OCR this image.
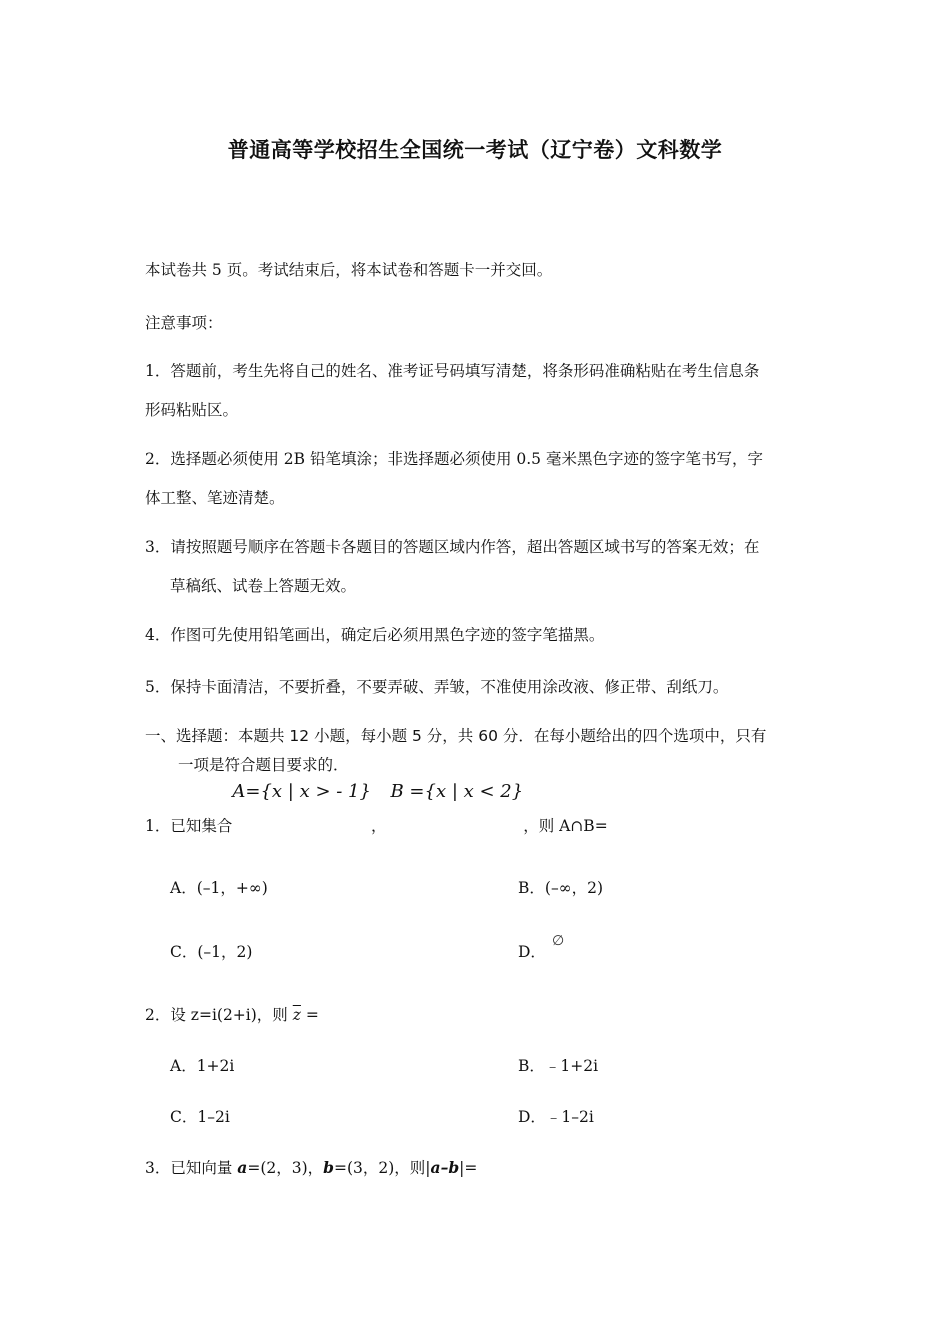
普通高等学校招生全国统一考试（辽宁卷）文科数学
本试卷共 5 页。考试结束后，将本试卷和答题卡一并交回。
注意事项：
1．答题前，考生先将自己的姓名、准考证号码填写清楚，将条形码准确粘贴在考生信息条
形码粘贴区。
2．选择题必须使用 2B 铅笔填涂；非选择题必须使用 0.5 毫米黑色字迹的签字笔书写，字
体工整、笔迹清楚。
3．请按照题号顺序在答题卡各题目的答题区域内作答，超出答题区域书写的答案无效；在
草稿纸、试卷上答题无效。
4．作图可先使用铅笔画出，确定后必须用黑色字迹的签字笔描黑。
5．保持卡面清洁，不要折叠，不要弄破、弄皱，不准使用涂改液、修正带、刮纸刀。
一、选择题：本题共 12 小题，每小题 5 分，共 60 分．在每小题给出的四个选项中，只有
一项是符合题目要求的．
1．已知集合A={x | x > - 1}，B ={x | x < 2}，则 A∩B=
A．(–1，+∞)	B．(–∞，2)
C．(–1，2)	D．∅
2．设 z=i(2+i)，则 $\overline{z}$ =
A．1+2i	B．﹣1+2i
C．1–2i	D．﹣1–2i
3．已知向量 a=(2，3)，b=(3，2)，则|a–b|=
